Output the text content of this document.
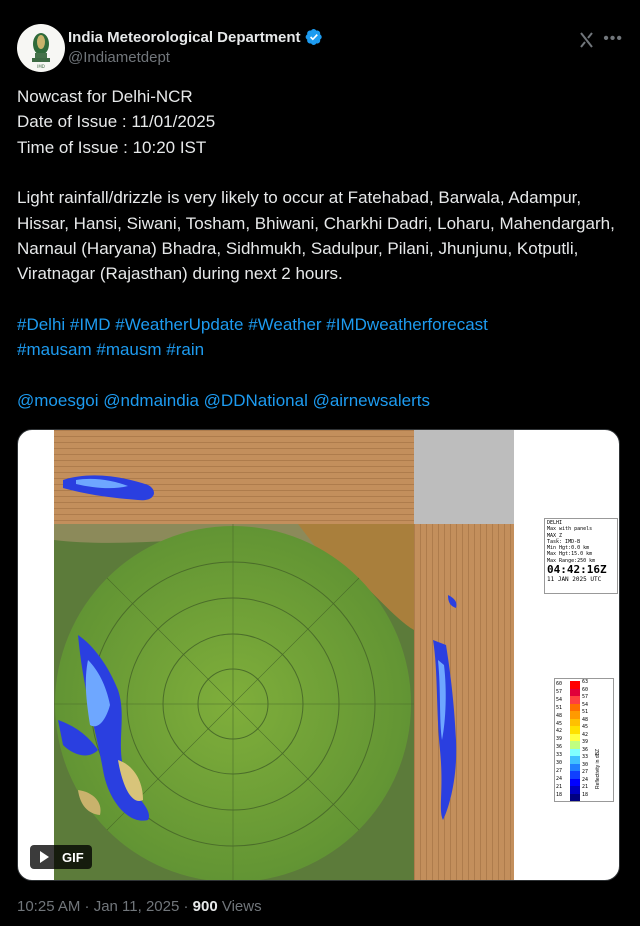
IMD
India Meteorological Department
@Indiametdept
•••

Nowcast for Delhi-NCR

Date of Issue : 11/01/2025

Time of Issue : 10:20 IST

Light rainfall/drizzle is very likely to occur at Fatehabad, Barwala, Adampur, Hissar, Hansi, Siwani, Tosham, Bhiwani, Charkhi Dadri, Loharu, Mahendargarh, Narnaul (Haryana) Bhadra, Sidhmukh, Sadulpur, Pilani, Jhunjunu, Kotputli, Viratnagar (Rajasthan) during next 2 hours.

#Delhi #IMD #WeatherUpdate #Weather #IMDweatherforecast

#mausam #mausm #rain

@moesgoi @ndmaindia @DDNational @airnewsalerts

DELHI
Max with panels
MAX_Z
Task: IMD-B
Min Hgt:0.0 km
Max Hgt:15.0 km
Max Range:250 km
04:42:16Z
11 JAN 2025 UTC
60
57
54
51
48
45
42
39
36
33
30
27
24
21
18
63
60
57
54
51
48
45
42
39
36
33
30
27
24
21
18
Reflectivity in dBZ
GIF
10:25 AM · Jan 11, 2025 · 900 Views
